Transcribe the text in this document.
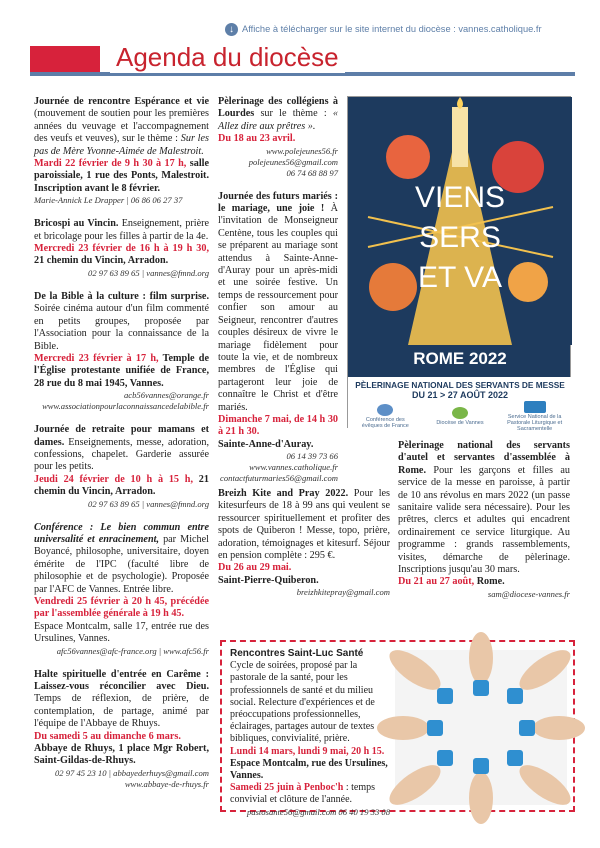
↓ Affiche à télécharger sur le site internet du diocèse : vannes.catholique.fr
Agenda du diocèse

Journée de rencontre Espérance et vie (mouvement de soutien pour les premières années du veuvage et l'accompagnement des veufs et veuves), sur le thème : Sur les pas de Mère Yvonne-Aimée de Malestroit.

Mardi 22 février de 9 h 30 à 17 h, salle paroissiale, 1 rue des Ponts, Malestroit. Inscription avant le 8 février.

Marie-Annick Le Drapper | 06 86 06 27 37

Bricospi au Vincin. Enseignement, prière et bricolage pour les filles à partir de la 4e.

Mercredi 23 février de 16 h à 19 h 30, 21 chemin du Vincin, Arradon.

02 97 63 89 65 | vannes@fmnd.org

De la Bible à la culture : film surprise. Soirée cinéma autour d'un film commenté en petits groupes, proposée par l'Association pour la connaissance de la Bible.

Mercredi 23 février à 17 h, Temple de l'Église protestante unifiée de France, 28 rue du 8 mai 1945, Vannes.

acb56vannes@orange.fr
www.associationpourlaconnaissancedelabible.fr

Journée de retraite pour mamans et dames. Enseignements, messe, adoration, confessions, chapelet. Garderie assurée pour les petits.

Jeudi 24 février de 10 h à 15 h, 21 chemin du Vincin, Arradon.

02 97 63 89 65 | vannes@fmnd.org

Conférence : Le bien commun entre universalité et enracinement, par Michel Boyancé, philosophe, universitaire, doyen émérite de l'IPC (faculté libre de philosophie et de psychologie). Proposée par l'AFC de Vannes. Entrée libre.

Vendredi 25 février à 20 h 45, précédée par l'assemblée générale à 19 h 45.

Espace Montcalm, salle 17, entrée rue des Ursulines, Vannes.

afc56vannes@afc-france.org | www.afc56.fr

Halte spirituelle d'entrée en Carême : Laissez-vous réconcilier avec Dieu. Temps de réflexion, de prière, de contemplation, de partage, animé par l'équipe de l'Abbaye de Rhuys.

Du samedi 5 au dimanche 6 mars.

Abbaye de Rhuys, 1 place Mgr Robert, Saint-Gildas-de-Rhuys.

02 97 45 23 10 | abbayederhuys@gmail.com
www.abbaye-de-rhuys.fr

Pèlerinage des collégiens à Lourdes sur le thème : « Allez dire aux prêtres ».

Du 18 au 23 avril.

www.polejeunes56.fr
polejeunes56@gmail.com
06 74 68 88 97

Journée des futurs mariés : le mariage, une joie ! À l'invitation de Monseigneur Centène, tous les couples qui se préparent au mariage sont attendus à Sainte-Anne-d'Auray pour un après-midi et une soirée festive. Un temps de ressourcement pour confier son amour au Seigneur, rencontrer d'autres couples désireux de vivre le mariage fidèlement pour toute la vie, et de nombreux membres de l'Église qui partageront leur joie de connaître le Christ et d'être mariés.

Dimanche 7 mai, de 14 h 30 à 21 h 30.

Sainte-Anne-d'Auray.

06 14 39 73 66
www.vannes.catholique.fr
contactfuturmaries56@gmail.com

Breizh Kite and Pray 2022. Pour les kitesurfeurs de 18 à 99 ans qui veulent se ressourcer spirituellement et profiter des spots de Quiberon ! Messe, topo, prière, adoration, témoignages et kitesurf. Séjour en pension complète : 295 €.

Du 26 au 29 mai.

Saint-Pierre-Quiberon.

breizhkitepray@gmail.com
VIENS
SERS
ET VA
ROME 2022
PÈLERINAGE NATIONAL DES SERVANTS DE MESSE
DU 21 > 27 AOÛT 2022
Conférence des évêques de France	Diocèse de Vannes
Service National de la Pastorale Liturgique et Sacramentelle

Pèlerinage national des servants d'autel et servantes d'assemblée à Rome. Pour les garçons et filles au service de la messe en paroisse, à partir de 10 ans révolus en mars 2022 (un passe sanitaire valide sera nécessaire). Pour les prêtres, clercs et adultes qui encadrent ordinairement ce service liturgique. Au programme : grands rassemblements, visites, démarche de pèlerinage. Inscriptions jusqu'au 30 mars.

Du 21 au 27 août, Rome.

sam@diocese-vannes.fr

Rencontres Saint-Luc Santé

Cycle de soirées, proposé par la pastorale de la santé, pour les professionnels de santé et du milieu social. Relecture d'expériences et de préoccupations professionnelles, éclairages, partages autour de textes bibliques, convivialité, prière.

Lundi 14 mars, lundi 9 mai, 20 h 15.

Espace Montcalm, rue des Ursulines, Vannes.

Samedi 25 juin à Penboc'h : temps convivial et clôture de l'année.

pastosante56@gmail.com 06 40 19 33 08
